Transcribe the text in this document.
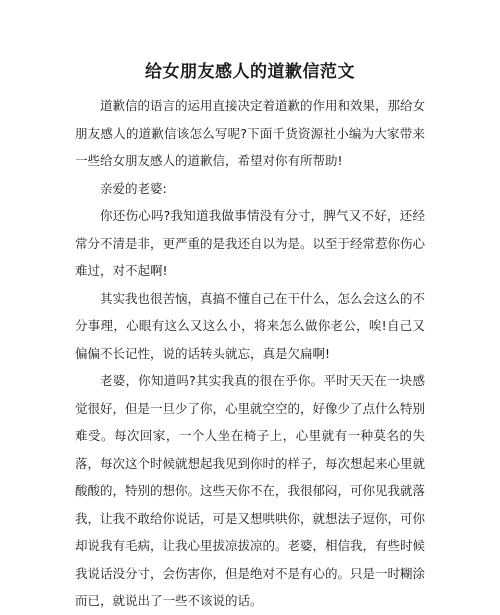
给女朋友感人的道歉信范文

道歉信的语言的运用直接决定着道歉的作用和效果，那给女朋友感人的道歉信该怎么写呢?下面千货资源社小编为大家带来一些给女朋友感人的道歉信，希望对你有所帮助!

亲爱的老婆:

你还伤心吗?我知道我做事情没有分寸，脾气又不好，还经常分不清是非，更严重的是我还自以为是。以至于经常惹你伤心难过，对不起啊!

其实我也很苦恼，真搞不懂自己在干什么，怎么会这么的不分事理，心眼有这么又这么小，将来怎么做你老公，唉!自己又偏偏不长记性，说的话转头就忘，真是欠扁啊!

老婆，你知道吗?其实我真的很在乎你。平时天天在一块感觉很好，但是一旦少了你，心里就空空的，好像少了点什么特别难受。每次回家，一个人坐在椅子上，心里就有一种莫名的失落，每次这个时候就想起我见到你时的样子，每次想起来心里就酸酸的，特别的想你。这些天你不在，我很郁闷，可你见我就落我，让我不敢给你说话，可是又想哄哄你，就想法子逗你，可你却说我有毛病，让我心里拔凉拔凉的。老婆，相信我，有些时候我说话没分寸，会伤害你，但是绝对不是有心的。只是一时糊涂而已，就说出了一些不该说的话。
